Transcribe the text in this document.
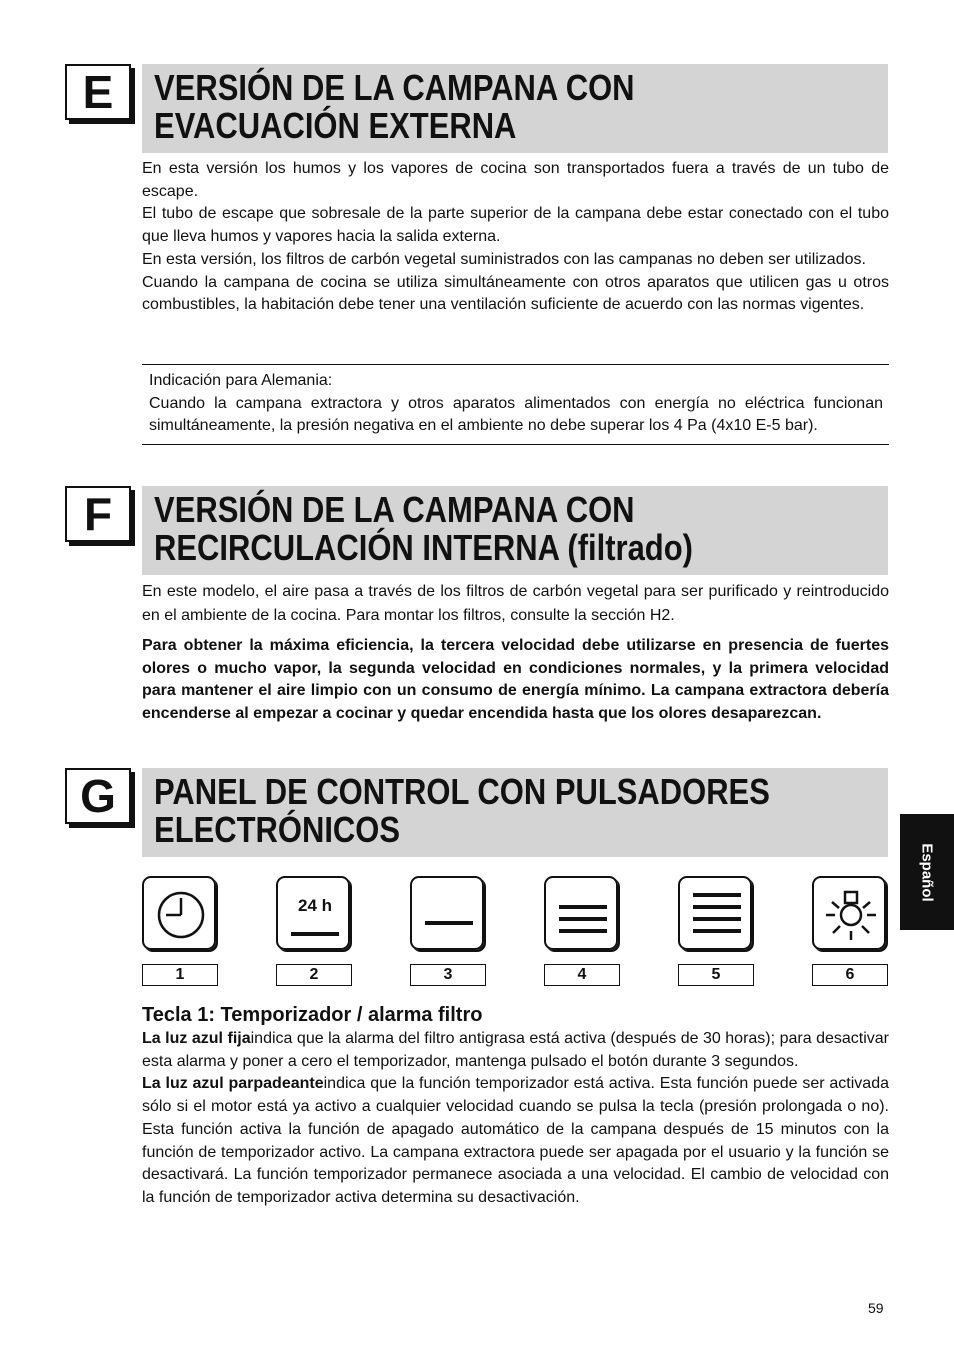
E	VERSIÓN DE LA CAMPANA CON
EVACUACIÓN EXTERNA

En esta versión los humos y los vapores de cocina son transportados fuera a través de un tubo de escape.

El tubo de escape que sobresale de la parte superior de la campana debe estar conectado con el tubo que lleva humos y vapores hacia la salida externa.

En esta versión, los filtros de carbón vegetal suministrados con las campanas no deben ser utilizados.

Cuando la campana de cocina se utiliza simultáneamente con otros aparatos que utilicen gas u otros combustibles, la habitación debe tener una ventilación suficiente de acuerdo con las normas vigentes.

Indicación para Alemania:

Cuando la campana extractora y otros aparatos alimentados con energía no eléctrica funcionan simultáneamente, la presión negativa en el ambiente no debe superar los 4 Pa (4x10 E-5 bar).

F	VERSIÓN DE LA CAMPANA CON
RECIRCULACIÓN INTERNA (filtrado)

En este modelo, el aire pasa a través de los filtros de carbón vegetal para ser purificado y reintroducido en el ambiente de la cocina. Para montar los filtros, consulte la sección H2.

Para obtener la máxima eficiencia, la tercera velocidad debe utilizarse en presencia de fuertes olores o mucho vapor, la segunda velocidad en condiciones normales, y la primera velocidad para mantener el aire limpio con un consumo de energía mínimo. La campana extractora debería encenderse al empezar a cocinar y quedar encendida hasta que los olores desaparezcan.

G	PANEL DE CONTROL CON PULSADORES
ELECTRÓNICOS
24 h
1	2	3	4	5	6
Tecla 1: Temporizador / alarma filtro

La luz azul fijaindica que la alarma del filtro antigrasa está activa (después de 30 horas); para desactivar esta alarma y poner a cero el temporizador, mantenga pulsado el botón durante 3 segundos.

La luz azul parpadeanteindica que la función temporizador está activa. Esta función puede ser activada sólo si el motor está ya activo a cualquier velocidad cuando se pulsa la tecla (presión prolongada o no). Esta función activa la función de apagado automático de la campana después de 15 minutos con la función de temporizador activo. La campana extractora puede ser apagada por el usuario y la función se desactivará. La función temporizador permanece asociada a una velocidad. El cambio de velocidad con la función de temporizador activa determina su desactivación.

Español
59
